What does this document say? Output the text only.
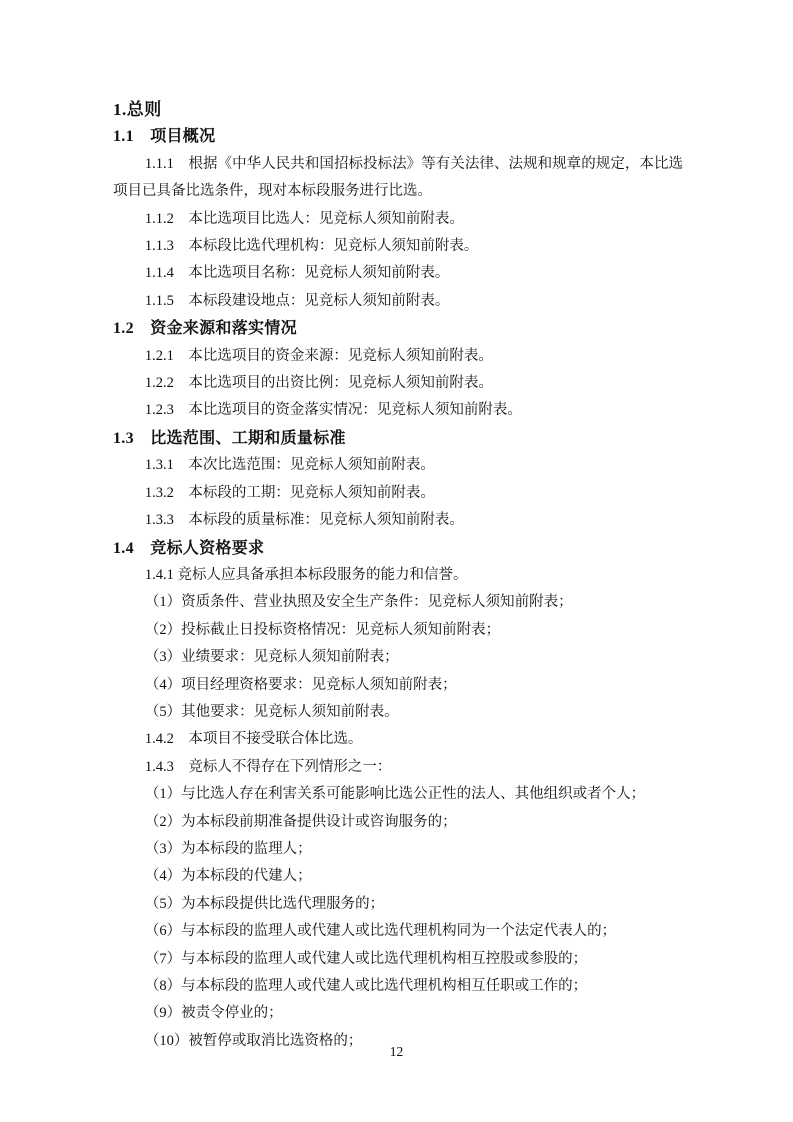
1.总则
1.1　项目概况
1.1.1　根据《中华人民共和国招标投标法》等有关法律、法规和规章的规定，本比选项目已具备比选条件，现对本标段服务进行比选。
1.1.2　本比选项目比选人：见竞标人须知前附表。
1.1.3　本标段比选代理机构：见竞标人须知前附表。
1.1.4　本比选项目名称：见竞标人须知前附表。
1.1.5　本标段建设地点：见竞标人须知前附表。
1.2　资金来源和落实情况
1.2.1　本比选项目的资金来源：见竞标人须知前附表。
1.2.2　本比选项目的出资比例：见竞标人须知前附表。
1.2.3　本比选项目的资金落实情况：见竞标人须知前附表。
1.3　比选范围、工期和质量标准
1.3.1　本次比选范围：见竞标人须知前附表。
1.3.2　本标段的工期：见竞标人须知前附表。
1.3.3　本标段的质量标准：见竞标人须知前附表。
1.4　竞标人资格要求
1.4.1 竞标人应具备承担本标段服务的能力和信誉。
（1）资质条件、营业执照及安全生产条件：见竞标人须知前附表；
（2）投标截止日投标资格情况：见竞标人须知前附表；
（3）业绩要求：见竞标人须知前附表；
（4）项目经理资格要求：见竞标人须知前附表；
（5）其他要求：见竞标人须知前附表。
1.4.2　本项目不接受联合体比选。
1.4.3　竞标人不得存在下列情形之一：
（1）与比选人存在利害关系可能影响比选公正性的法人、其他组织或者个人；
（2）为本标段前期准备提供设计或咨询服务的；
（3）为本标段的监理人；
（4）为本标段的代建人；
（5）为本标段提供比选代理服务的；
（6）与本标段的监理人或代建人或比选代理机构同为一个法定代表人的；
（7）与本标段的监理人或代建人或比选代理机构相互控股或参股的；
（8）与本标段的监理人或代建人或比选代理机构相互任职或工作的；
（9）被责令停业的；
（10）被暂停或取消比选资格的；
12
